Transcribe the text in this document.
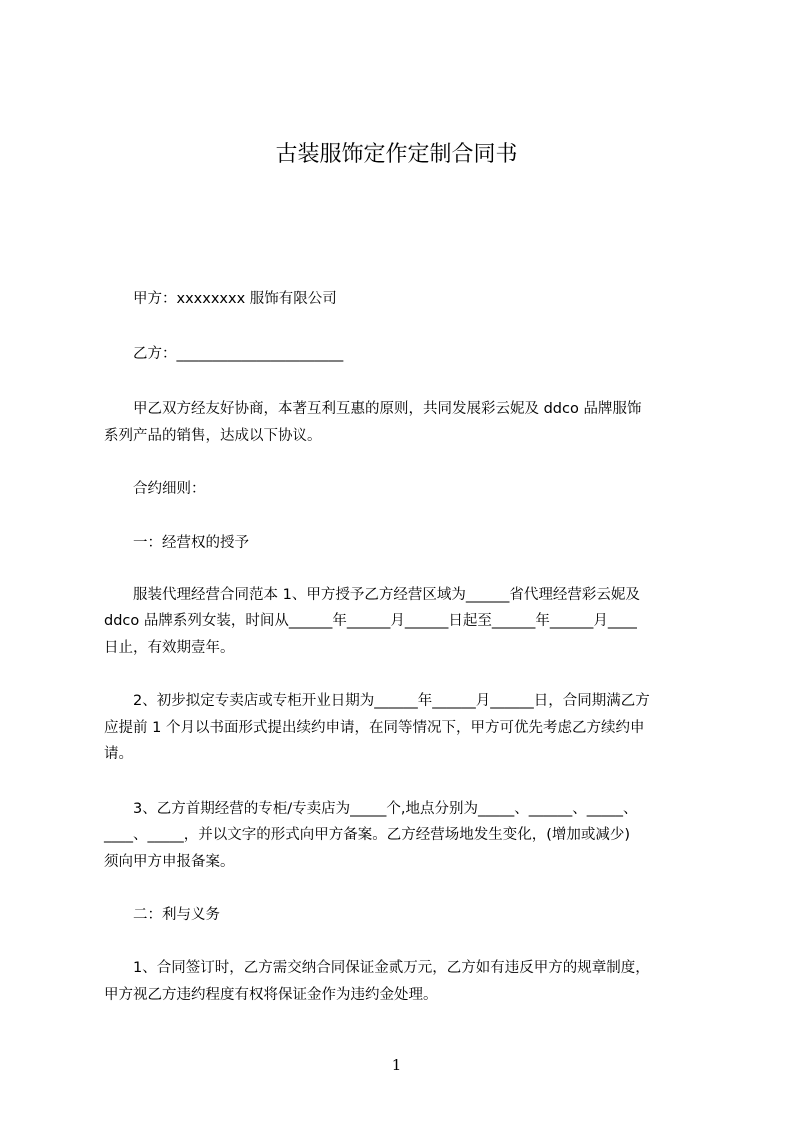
古装服饰定作定制合同书
　　甲方：xxxxxxxx 服饰有限公司
　　乙方：_______________________
　　甲乙双方经友好协商，本著互利互惠的原则，共同发展彩云妮及 ddco 品牌服饰
系列产品的销售，达成以下协议。
　　合约细则：
　　一：经营权的授予
　　服装代理经营合同范本 1、甲方授予乙方经营区域为______省代理经营彩云妮及
ddco 品牌系列女装，时间从______年______月______日起至______年______月____
日止，有效期壹年。
　　2、初步拟定专卖店或专柜开业日期为______年______月______日，合同期满乙方
应提前 1 个月以书面形式提出续约申请，在同等情况下，甲方可优先考虑乙方续约申
请。
　　3、乙方首期经营的专柜/专卖店为_____个,地点分别为_____、______、_____、
____、_____，并以文字的形式向甲方备案。乙方经营场地发生变化，(增加或减少)
须向甲方申报备案。
　　二：利与义务
　　1、合同签订时，乙方需交纳合同保证金贰万元，乙方如有违反甲方的规章制度，
甲方视乙方违约程度有权将保证金作为违约金处理。
1
